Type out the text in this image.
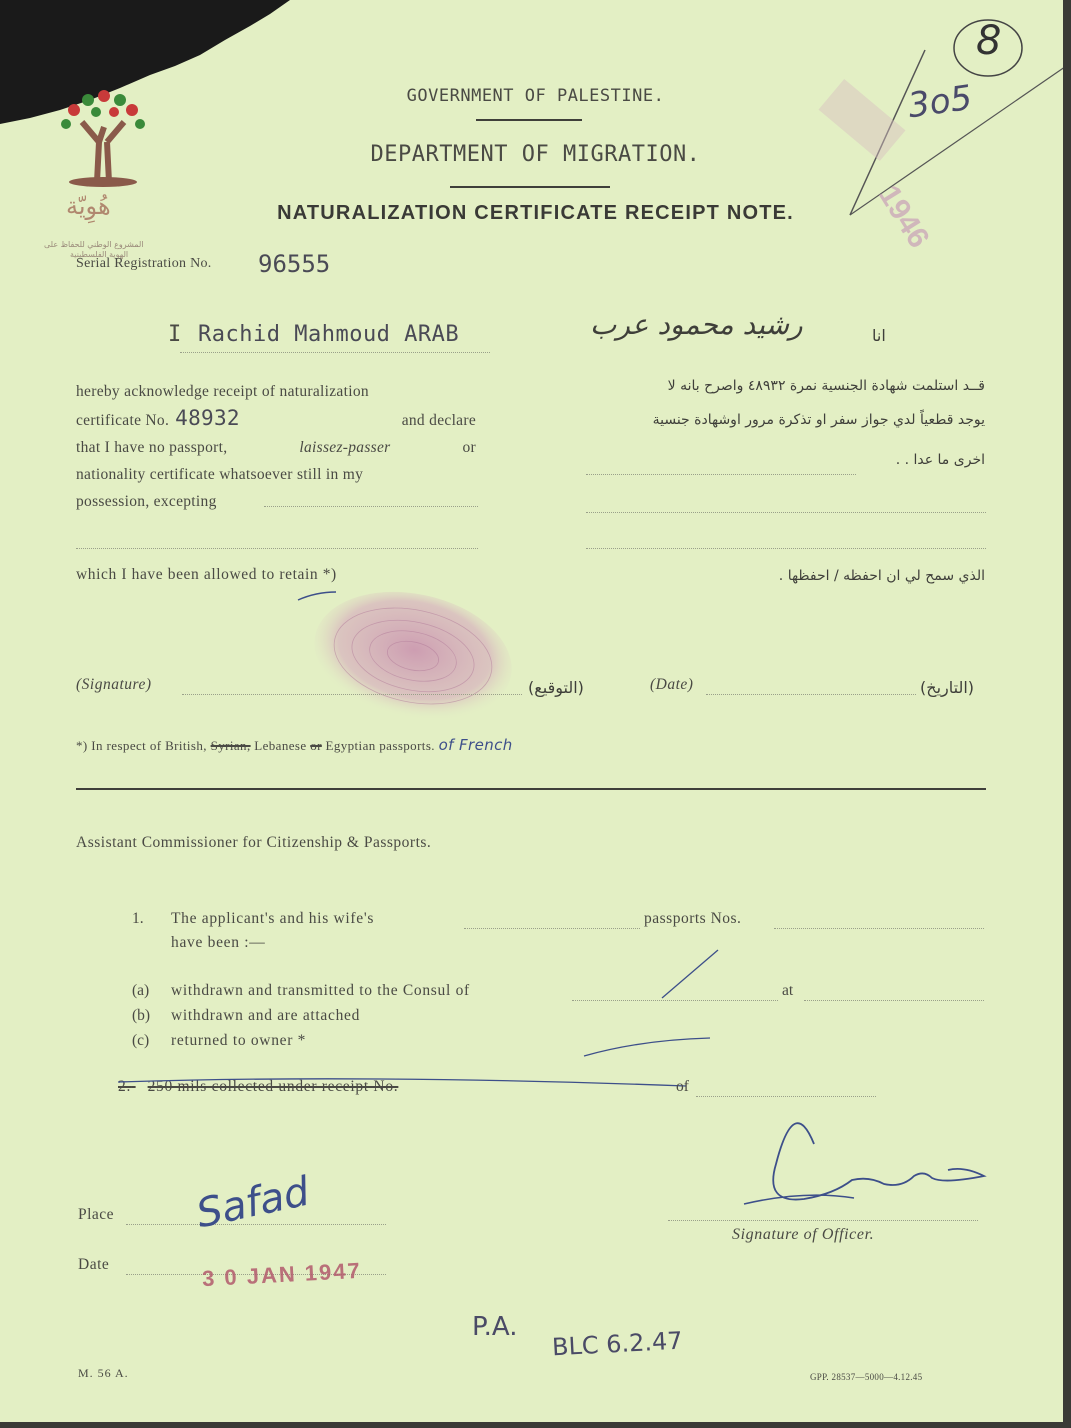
هُوِيّة
المشروع الوطني للحفاظ على
الهوية الفلسطينية
8
3o5
1946
GOVERNMENT OF PALESTINE.
DEPARTMENT OF MIGRATION.
NATURALIZATION CERTIFICATE RECEIPT NOTE.
Serial Registration No. 96555
I Rachid Mahmoud ARAB	انا
رشيد محمود عرب
hereby acknowledge receipt of naturalization
certificate No. 48932	and declare
that I have no passport,	laissez-passer	or
nationality certificate whatsoever still in my
possession, excepting
قــد استلمت شهادة الجنسية نمرة ٤٨٩٣٢ واصرح بانه لا
يوجد قطعياً لدي جواز سفر او تذكرة مرور اوشهادة جنسية
اخرى ما عدا . .
which I have been allowed to retain *)	الذي سمح لي ان احفظه / احفظها .
(Signature)	(التوقيع)	(Date)	(التاريخ)
*) In respect of British, Syrian, Lebanese or Egyptian passports. of French
Assistant Commissioner for Citizenship & Passports.
1. The applicant's and his wife's	passports Nos.
have been :—
(a) withdrawn and transmitted to the Consul of	at
(b) withdrawn and are attached
(c) returned to owner *
2. 250 mils collected under receipt No.	of
Place Safad
Date	3 0 JAN 1947
Signature of Officer.
P.A. BLC 6.2.47
M. 56 A.	GPP. 28537—5000—4.12.45
